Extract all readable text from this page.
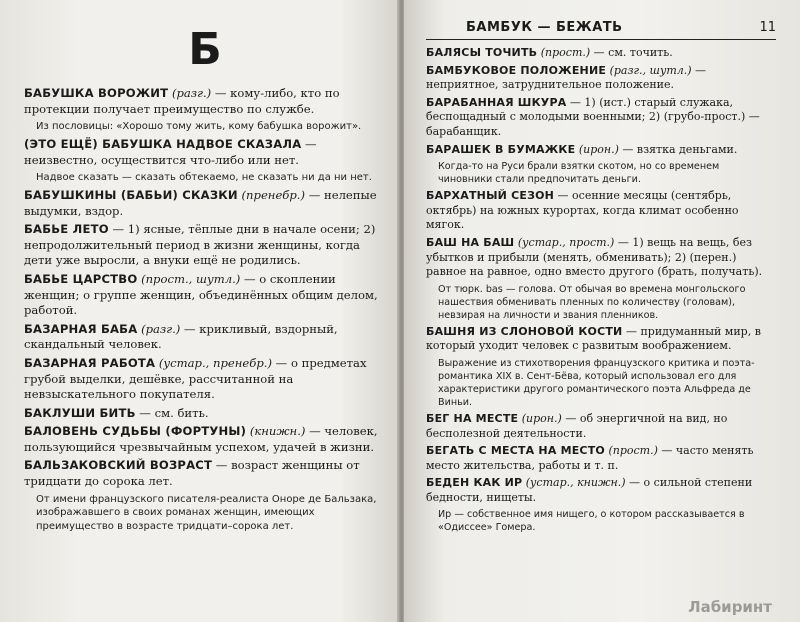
Б
БАБУШКА ВОРОЖИТ (разг.) — кому-либо, кто по протекции получает преимущество по службе.
Из пословицы: «Хорошо тому жить, кому бабушка ворожит».
(ЭТО ЕЩЁ) БАБУШКА НАДВОЕ СКАЗАЛА — неизвестно, осуществится что-либо или нет.
Надвое сказать — сказать обтекаемо, не сказать ни да ни нет.
БАБУШКИНЫ (БАБЬИ) СКАЗКИ (пренебр.) — нелепые выдумки, вздор.
БАБЬЕ ЛЕТО — 1) ясные, тёплые дни в начале осени; 2) непродолжительный период в жизни женщины, когда дети уже выросли, а внуки ещё не родились.
БАБЬЕ ЦАРСТВО (прост., шутл.) — о скоплении женщин; о группе женщин, объединённых общим делом, работой.
БАЗАРНАЯ БАБА (разг.) — крикливый, вздорный, скандальный человек.
БАЗАРНАЯ РАБОТА (устар., пренебр.) — о предметах грубой выделки, дешёвке, рассчитанной на невзыскательного покупателя.
БАКЛУШИ БИТЬ — см. бить.
БАЛОВЕНЬ СУДЬБЫ (ФОРТУНЫ) (книжн.) — человек, пользующийся чрезвычайным успехом, удачей в жизни.
БАЛЬЗАКОВСКИЙ ВОЗРАСТ — возраст женщины от тридцати до сорока лет.
От имени французского писателя-реалиста Оноре де Бальзака, изображавшего в своих романах женщин, имеющих преимущество в возрасте тридцати–сорока лет.
БАМБУК — БЕЖАТЬ	11
БАЛЯСЫ ТОЧИТЬ (прост.) — см. точить.
БАМБУКОВОЕ ПОЛОЖЕНИЕ (разг., шутл.) — неприятное, затруднительное положение.
БАРАБАННАЯ ШКУРА — 1) (ист.) старый служака, беспощадный с молодыми военными; 2) (грубо-прост.) — барабанщик.
БАРАШЕК В БУМАЖКЕ (ирон.) — взятка деньгами.
Когда-то на Руси брали взятки скотом, но со временем чиновники стали предпочитать деньги.
БАРХАТНЫЙ СЕЗОН — осенние месяцы (сентябрь, октябрь) на южных курортах, когда климат особенно мягок.
БАШ НА БАШ (устар., прост.) — 1) вещь на вещь, без убытков и прибыли (менять, обменивать); 2) (перен.) равное на равное, одно вместо другого (брать, получать).
От тюрк. bas — голова. От обычая во времена монгольского нашествия обменивать пленных по количеству (головам), невзирая на личности и звания пленников.
БАШНЯ ИЗ СЛОНОВОЙ КОСТИ — придуманный мир, в который уходит человек с развитым воображением.
Выражение из стихотворения французского критика и поэта-романтика XIX в. Сент-Бёва, который использовал его для характеристики другого романтического поэта Альфреда де Виньи.
БЕГ НА МЕСТЕ (ирон.) — об энергичной на вид, но бесполезной деятельности.
БЕГАТЬ С МЕСТА НА МЕСТО (прост.) — часто менять место жительства, работы и т. п.
БЕДЕН КАК ИР (устар., книжн.) — о сильной степени бедности, нищеты.
Ир — собственное имя нищего, о котором рассказывается в «Одиссее» Гомера.
Лабиринт
